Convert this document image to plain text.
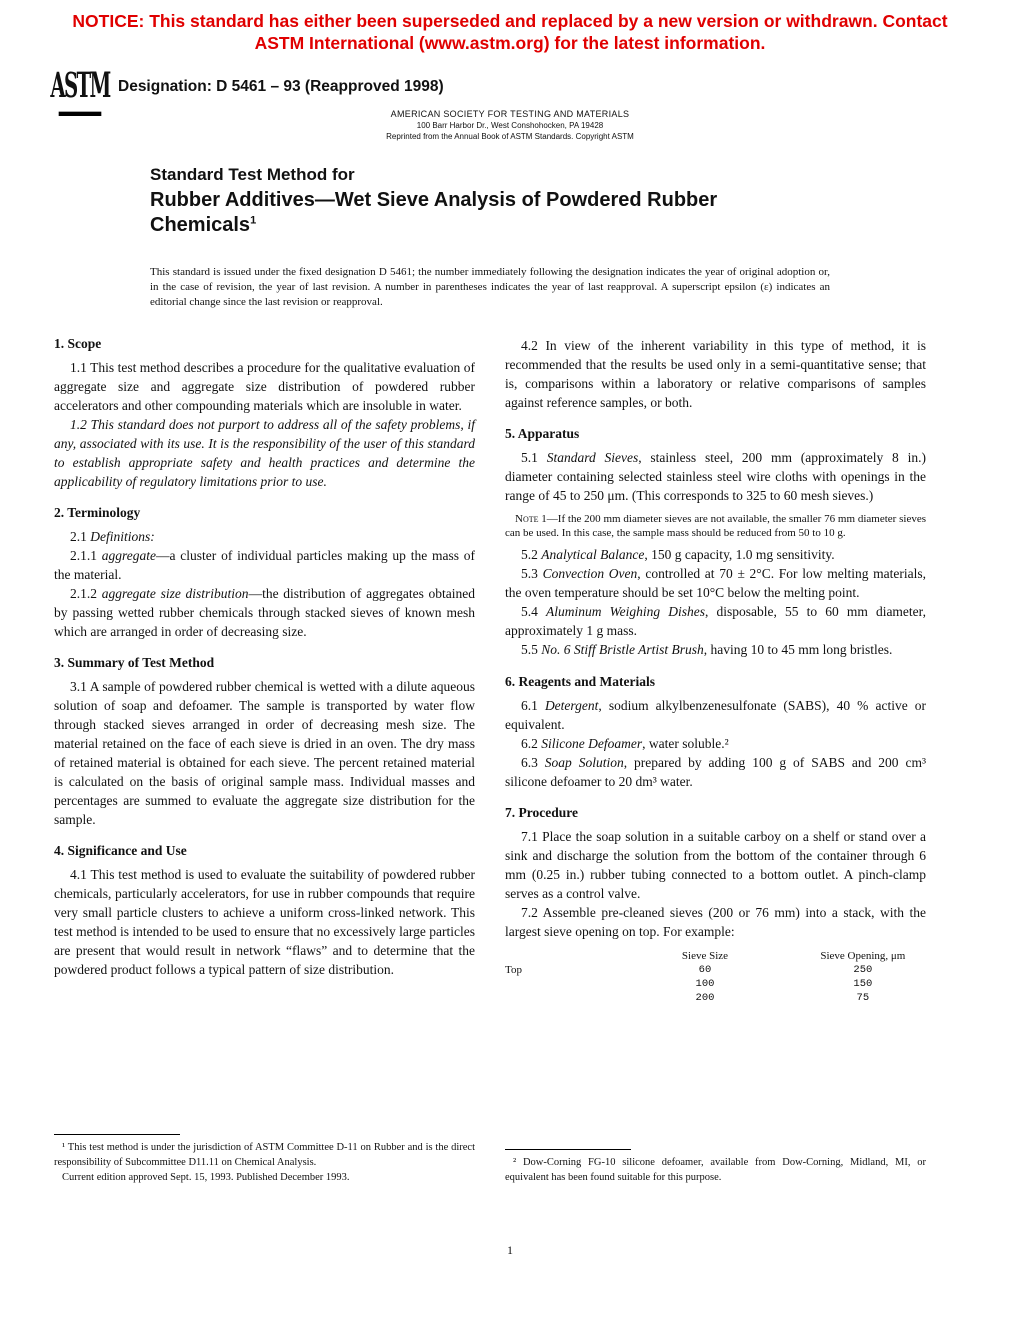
NOTICE: This standard has either been superseded and replaced by a new version or withdrawn. Contact ASTM International (www.astm.org) for the latest information.
ASTM Designation: D 5461 – 93 (Reapproved 1998)
AMERICAN SOCIETY FOR TESTING AND MATERIALS
100 Barr Harbor Dr., West Conshohocken, PA 19428
Reprinted from the Annual Book of ASTM Standards. Copyright ASTM
Standard Test Method for
Rubber Additives—Wet Sieve Analysis of Powdered Rubber
Chemicals$^1$

This standard is issued under the fixed designation D 5461; the number immediately following the designation indicates the year of original adoption or, in the case of revision, the year of last revision. A number in parentheses indicates the year of last reapproval. A superscript epsilon (ε) indicates an editorial change since the last revision or reapproval.

1. Scope

1.1 This test method describes a procedure for the qualitative evaluation of aggregate size and aggregate size distribution of powdered rubber accelerators and other compounding materials which are insoluble in water.

1.2 This standard does not purport to address all of the safety problems, if any, associated with its use. It is the responsibility of the user of this standard to establish appropriate safety and health practices and determine the applicability of regulatory limitations prior to use.

2. Terminology

2.1 Definitions:

2.1.1 aggregate—a cluster of individual particles making up the mass of the material.

2.1.2 aggregate size distribution—the distribution of aggregates obtained by passing wetted rubber chemicals through stacked sieves of known mesh which are arranged in order of decreasing size.

3. Summary of Test Method

3.1 A sample of powdered rubber chemical is wetted with a dilute aqueous solution of soap and defoamer. The sample is transported by water flow through stacked sieves arranged in order of decreasing mesh size. The material retained on the face of each sieve is dried in an oven. The dry mass of retained material is obtained for each sieve. The percent retained material is calculated on the basis of original sample mass. Individual masses and percentages are summed to evaluate the aggregate size distribution for the sample.

4. Significance and Use

4.1 This test method is used to evaluate the suitability of powdered rubber chemicals, particularly accelerators, for use in rubber compounds that require very small particle clusters to achieve a uniform cross-linked network. This test method is intended to be used to ensure that no excessively large particles are present that would result in network “flaws” and to determine that the powdered product follows a typical pattern of size distribution.

¹ This test method is under the jurisdiction of ASTM Committee D-11 on Rubber and is the direct responsibility of Subcommittee D11.11 on Chemical Analysis.

Current edition approved Sept. 15, 1993. Published December 1993.

4.2 In view of the inherent variability in this type of method, it is recommended that the results be used only in a semi-quantitative sense; that is, comparisons within a laboratory or relative comparisons of samples against reference samples, or both.

5. Apparatus

5.1 Standard Sieves, stainless steel, 200 mm (approximately 8 in.) diameter containing selected stainless steel wire cloths with openings in the range of 45 to 250 μm. (This corresponds to 325 to 60 mesh sieves.)

Note 1—If the 200 mm diameter sieves are not available, the smaller 76 mm diameter sieves can be used. In this case, the sample mass should be reduced from 50 to 10 g.

5.2 Analytical Balance, 150 g capacity, 1.0 mg sensitivity.

5.3 Convection Oven, controlled at 70 ± 2°C. For low melting materials, the oven temperature should be set 10°C below the melting point.

5.4 Aluminum Weighing Dishes, disposable, 55 to 60 mm diameter, approximately 1 g mass.

5.5 No. 6 Stiff Bristle Artist Brush, having 10 to 45 mm long bristles.

6. Reagents and Materials

6.1 Detergent, sodium alkylbenzenesulfonate (SABS), 40 % active or equivalent.

6.2 Silicone Defoamer, water soluble.²

6.3 Soap Solution, prepared by adding 100 g of SABS and 200 cm³ silicone defoamer to 20 dm³ water.

7. Procedure

7.1 Place the soap solution in a suitable carboy on a shelf or stand over a sink and discharge the solution from the bottom of the container through 6 mm (0.25 in.) rubber tubing connected to a bottom outlet. A pinch-clamp serves as a control valve.

7.2 Assemble pre-cleaned sieves (200 or 76 mm) into a stack, with the largest sieve opening on top. For example:

	Sieve Size	Sieve Opening, μm
Top	60	250
	100	150
	200	75

² Dow-Corning FG-10 silicone defoamer, available from Dow-Corning, Midland, MI, or equivalent has been found suitable for this purpose.

1
